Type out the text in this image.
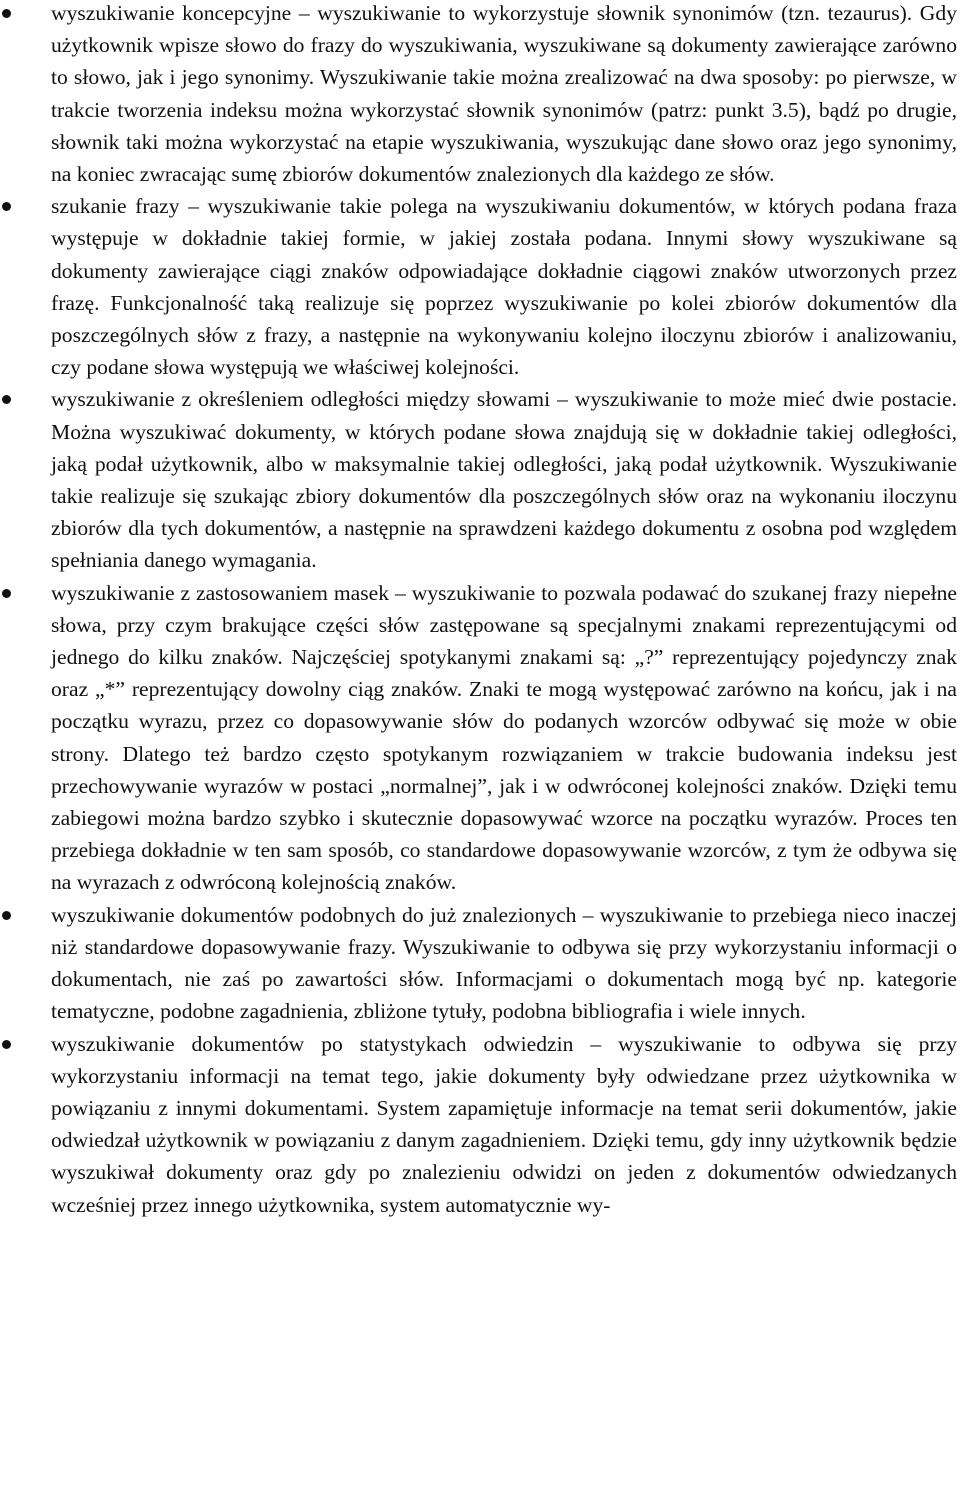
wyszukiwanie koncepcyjne – wyszukiwanie to wykorzystuje słownik synonimów (tzn. tezaurus). Gdy użytkownik wpisze słowo do frazy do wyszukiwania, wyszukiwane są dokumenty zawierające zarówno to słowo, jak i jego synonimy. Wyszukiwanie takie można zrealizować na dwa sposoby: po pierwsze, w trakcie tworzenia indeksu można wykorzystać słownik synonimów (patrz: punkt 3.5), bądź po drugie, słownik taki można wykorzystać na etapie wyszukiwania, wyszukując dane słowo oraz jego synonimy, na koniec zwracając sumę zbiorów dokumentów znalezionych dla każdego ze słów.
szukanie frazy – wyszukiwanie takie polega na wyszukiwaniu dokumentów, w których podana fraza występuje w dokładnie takiej formie, w jakiej została podana. Innymi słowy wyszukiwane są dokumenty zawierające ciągi znaków odpowiadające dokładnie ciągowi znaków utworzonych przez frazę. Funkcjonalność taką realizuje się poprzez wyszukiwanie po kolei zbiorów dokumentów dla poszczególnych słów z frazy, a następnie na wykonywaniu kolejno iloczynu zbiorów i analizowaniu, czy podane słowa występują we właściwej kolejności.
wyszukiwanie z określeniem odległości między słowami – wyszukiwanie to może mieć dwie postacie. Można wyszukiwać dokumenty, w których podane słowa znajdują się w dokładnie takiej odległości, jaką podał użytkownik, albo w maksymalnie takiej odległości, jaką podał użytkownik. Wyszukiwanie takie realizuje się szukając zbiory dokumentów dla poszczególnych słów oraz na wykonaniu iloczynu zbiorów dla tych dokumentów, a następnie na sprawdzeni każdego dokumentu z osobna pod względem spełniania danego wymagania.
wyszukiwanie z zastosowaniem masek – wyszukiwanie to pozwala podawać do szukanej frazy niepełne słowa, przy czym brakujące części słów zastępowane są specjalnymi znakami reprezentującymi od jednego do kilku znaków. Najczęściej spotykanymi znakami są: „?” reprezentujący pojedynczy znak oraz „*” reprezentujący dowolny ciąg znaków. Znaki te mogą występować zarówno na końcu, jak i na początku wyrazu, przez co dopasowywanie słów do podanych wzorców odbywać się może w obie strony. Dlatego też bardzo często spotykanym rozwiązaniem w trakcie budowania indeksu jest przechowywanie wyrazów w postaci „normalnej”, jak i w odwróconej kolejności znaków. Dzięki temu zabiegowi można bardzo szybko i skutecznie dopasowywać wzorce na początku wyrazów. Proces ten przebiega dokładnie w ten sam sposób, co standardowe dopasowywanie wzorców, z tym że odbywa się na wyrazach z odwróconą kolejnością znaków.
wyszukiwanie dokumentów podobnych do już znalezionych – wyszukiwanie to przebiega nieco inaczej niż standardowe dopasowywanie frazy. Wyszukiwanie to odbywa się przy wykorzystaniu informacji o dokumentach, nie zaś po zawartości słów. Informacjami o dokumentach mogą być np. kategorie tematyczne, podobne zagadnienia, zbliżone tytuły, podobna bibliografia i wiele innych.
wyszukiwanie dokumentów po statystykach odwiedzin – wyszukiwanie to odbywa się przy wykorzystaniu informacji na temat tego, jakie dokumenty były odwiedzane przez użytkownika w powiązaniu z innymi dokumentami. System zapamiętuje informacje na temat serii dokumentów, jakie odwiedzał użytkownik w powiązaniu z danym zagadnieniem. Dzięki temu, gdy inny użytkownik będzie wyszukiwał dokumenty oraz gdy po znalezieniu odwidzi on jeden z dokumentów odwiedzanych wcześniej przez innego użytkownika, system automatycznie wy-
